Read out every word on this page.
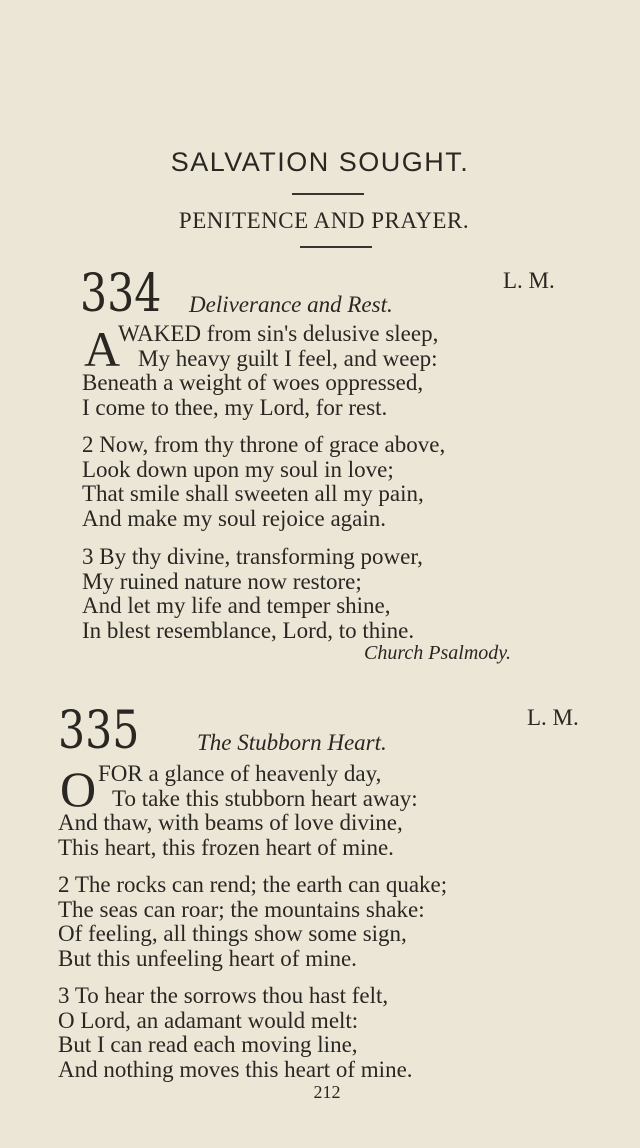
SALVATION SOUGHT.
PENITENCE AND PRAYER.
334	L. M.
Deliverance and Rest.
A
WAKED from sin's delusive sleep,
My heavy guilt I feel, and weep:
Beneath a weight of woes oppressed,
I come to thee, my Lord, for rest.
2 Now, from thy throne of grace above,
Look down upon my soul in love;
That smile shall sweeten all my pain,
And make my soul rejoice again.
3 By thy divine, transforming power,
My ruined nature now restore;
And let my life and temper shine,
In blest resemblance, Lord, to thine.
Church Psalmody.
335	L. M.
The Stubborn Heart.
O FOR a glance of heavenly day,
To take this stubborn heart away:
And thaw, with beams of love divine,
This heart, this frozen heart of mine.
2 The rocks can rend; the earth can quake;
The seas can roar; the mountains shake:
Of feeling, all things show some sign,
But this unfeeling heart of mine.
3 To hear the sorrows thou hast felt,
O Lord, an adamant would melt:
But I can read each moving line,
And nothing moves this heart of mine.
212
